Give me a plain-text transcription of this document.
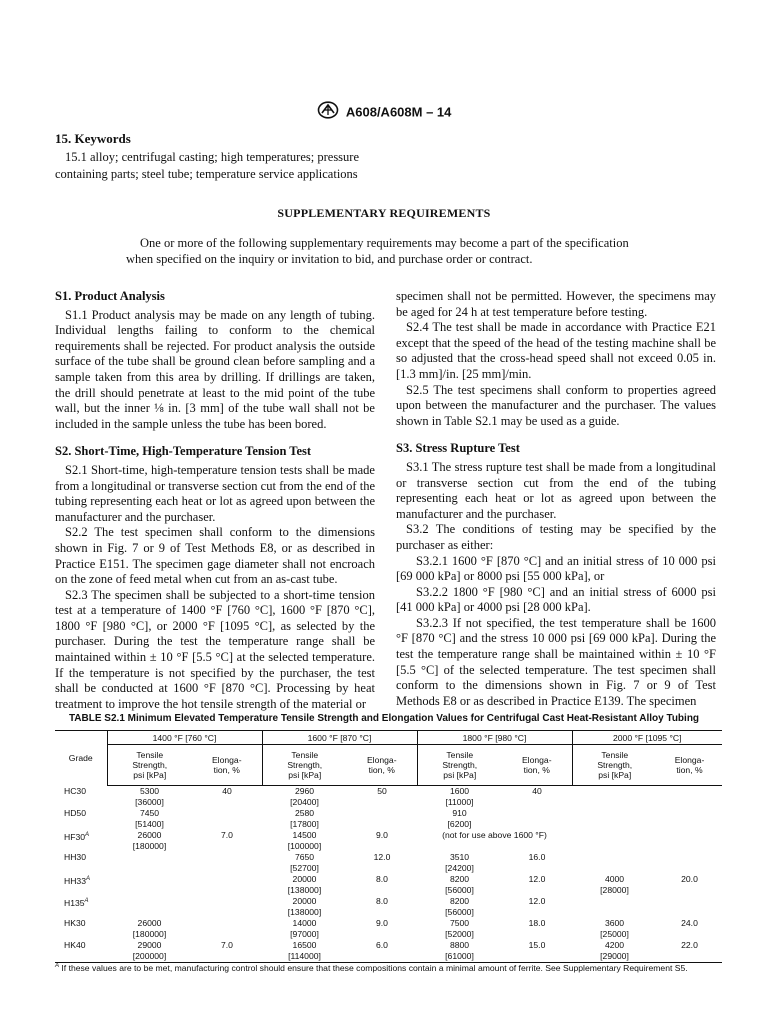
A608/A608M – 14
15. Keywords
15.1 alloy; centrifugal casting; high temperatures; pressure containing parts; steel tube; temperature service applications
SUPPLEMENTARY REQUIREMENTS
One or more of the following supplementary requirements may become a part of the specification when specified on the inquiry or invitation to bid, and purchase order or contract.
S1. Product Analysis

S1.1 Product analysis may be made on any length of tubing. Individual lengths failing to conform to the chemical requirements shall be rejected. For product analysis the outside surface of the tube shall be ground clean before sampling and a sample taken from this area by drilling. If drillings are taken, the drill should penetrate at least to the mid point of the tube wall, but the inner ⅛ in. [3 mm] of the tube wall shall not be included in the sample unless the tube has been bored.

S2. Short-Time, High-Temperature Tension Test

S2.1 Short-time, high-temperature tension tests shall be made from a longitudinal or transverse section cut from the end of the tubing representing each heat or lot as agreed upon between the manufacturer and the purchaser.

S2.2 The test specimen shall conform to the dimensions shown in Fig. 7 or 9 of Test Methods E8, or as described in Practice E151. The specimen gage diameter shall not encroach on the zone of feed metal when cut from an as-cast tube.

S2.3 The specimen shall be subjected to a short-time tension test at a temperature of 1400 °F [760 °C], 1600 °F [870 °C], 1800 °F [980 °C], or 2000 °F [1095 °C], as selected by the purchaser. During the test the temperature range shall be maintained within ± 10 °F [5.5 °C] at the selected temperature. If the temperature is not specified by the purchaser, the test shall be conducted at 1600 °F [870 °C]. Processing by heat treatment to improve the hot tensile strength of the material or

specimen shall not be permitted. However, the specimens may be aged for 24 h at test temperature before testing.

S2.4 The test shall be made in accordance with Practice E21 except that the speed of the head of the testing machine shall be so adjusted that the cross-head speed shall not exceed 0.05 in. [1.3 mm]/in. [25 mm]/min.

S2.5 The test specimens shall conform to properties agreed upon between the manufacturer and the purchaser. The values shown in Table S2.1 may be used as a guide.

S3. Stress Rupture Test

S3.1 The stress rupture test shall be made from a longitudinal or transverse section cut from the end of the tubing representing each heat or lot as agreed upon between the manufacturer and the purchaser.

S3.2 The conditions of testing may be specified by the purchaser as either:

S3.2.1 1600 °F [870 °C] and an initial stress of 10 000 psi [69 000 kPa] or 8000 psi [55 000 kPa], or

S3.2.2 1800 °F [980 °C] and an initial stress of 6000 psi [41 000 kPa] or 4000 psi [28 000 kPa].

S3.2.3 If not specified, the test temperature shall be 1600 °F [870 °C] and the stress 10 000 psi [69 000 kPa]. During the test the temperature range shall be maintained within ± 10 °F [5.5 °C] of the selected temperature. The test specimen shall conform to the dimensions shown in Fig. 7 or 9 of Test Methods E8 or as described in Practice E139. The specimen

TABLE S2.1 Minimum Elevated Temperature Tensile Strength and Elongation Values for Centrifugal Cast Heat-Resistant Alloy Tubing
Grade	1400 °F [760 °C]		1600 °F [870 °C]		1800 °F [980 °C]		2000 °F [1095 °C]	
	Tensile
Strength,
psi [kPa]	Elonga-
tion, %	Tensile
Strength,
psi [kPa]	Elonga-
tion, %	Tensile
Strength,
psi [kPa]	Elonga-
tion, %	Tensile
Strength,
psi [kPa]	Elonga-
tion, %
HC30	5300
[36000]	40	2960
[20400]	50	1600
[11000]	40	

HD50	7450
[51400]		2580
[17800]		910
[6200]		

$HF30^A$	26000
[180000]	7.0	14500
[100000]	9.0	(not for use above 1600 °F)		

HH30			7650
[52700]	12.0	3510
[24200]	16.0	

$HH33^A$			20000
[138000]	8.0	8200
[56000]	12.0	4000
[28000]	20.0
$H135^A$			20000
[138000]	8.0	8200
[56000]	12.0	

HK30	26000
[180000]		14000
[97000]	9.0	7500
[52000]	18.0	3600
[25000]	24.0
HK40	29000
[200000]	7.0	16500
[114000]	6.0	8800
[61000]	15.0	4200
[29000]	22.0
$^A$ If these values are to be met, manufacturing control should ensure that these compositions contain a minimal amount of ferrite. See Supplementary Requirement S5.
